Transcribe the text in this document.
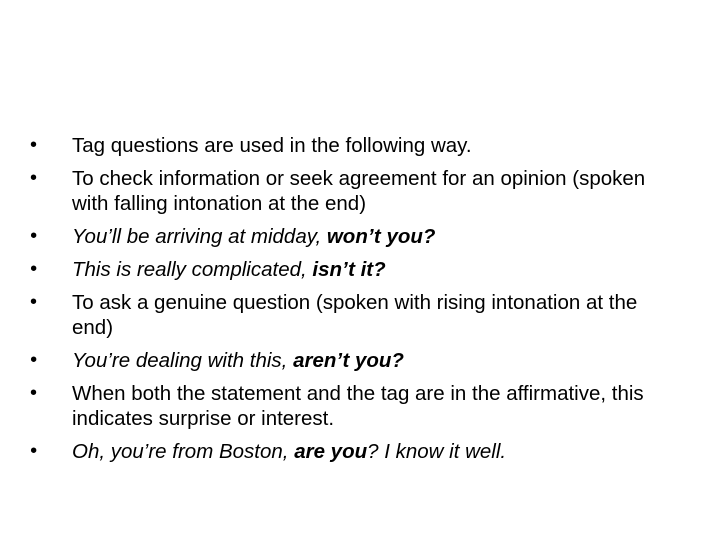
• Tag questions are used in the following way.
• To check information or seek agreement for an opinion (spoken with falling intonation at the end)
• You’ll be arriving at midday, won’t you?
• This is really complicated, isn’t it?
• To ask a genuine question (spoken with rising intonation at the end)
• You’re dealing with this, aren’t you?
• When both the statement and the tag are in the affirmative, this indicates surprise or interest.
• Oh, you’re from Boston, are you? I know it well.
